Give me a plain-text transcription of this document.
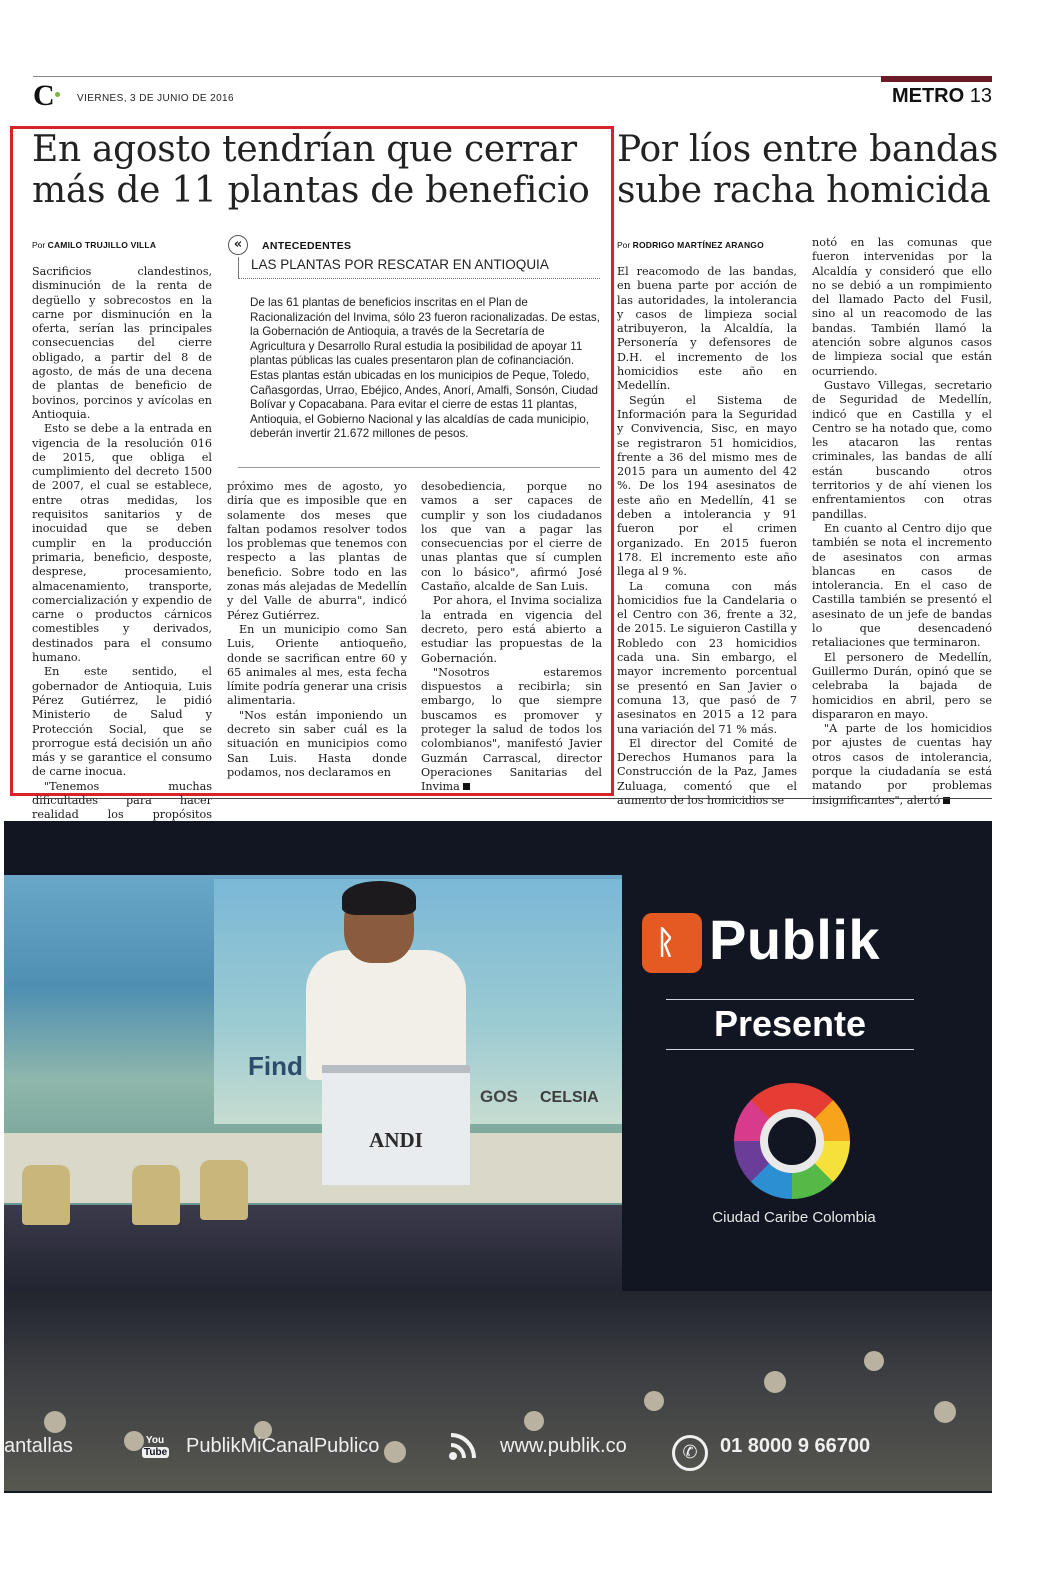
C VIERNES, 3 DE JUNIO DE 2016	METRO 13
En agosto tendrían que cerrar
más de 11 plantas de beneficio
Por CAMILO TRUJILLO VILLA

Sacrificios clandestinos, disminución de la renta de degüello y sobrecostos en la carne por disminución en la oferta, serían las principales consecuencias del cierre obligado, a partir del 8 de agosto, de más de una decena de plantas de beneficio de bovinos, porcinos y avícolas en Antioquia.

Esto se debe a la entrada en vigencia de la resolución 016 de 2015, que obliga el cumplimiento del decreto 1500 de 2007, el cual se establece, entre otras medidas, los requisitos sanitarios y de inocuidad que se deben cumplir en la producción primaria, beneficio, desposte, desprese, procesamiento, almacenamiento, transporte, comercialización y expendio de carne o productos cárnicos comestibles y derivados, destinados para el consumo humano.

En este sentido, el gobernador de Antioquia, Luis Pérez Gutiérrez, le pidió Ministerio de Salud y Protección Social, que se prorrogue está decisión un año más y se garantice el consumo de carne inocua.

"Tenemos muchas dificultades para hacer realidad los propósitos

«	ANTECEDENTES
LAS PLANTAS POR RESCATAR EN ANTIOQUIA
De las 61 plantas de beneficios inscritas en el Plan de Racionalización del Invima, sólo 23 fueron racionalizadas. De estas, la Gobernación de Antioquia, a través de la Secretaría de Agricultura y Desarrollo Rural estudia la posibilidad de apoyar 11 plantas públicas las cuales presentaron plan de cofinanciación. Estas plantas están ubicadas en los municipios de Peque, Toledo, Cañasgordas, Urrao, Ebéjico, Andes, Anorí, Amalfi, Sonsón, Ciudad Bolívar y Copacabana. Para evitar el cierre de estas 11 plantas, Antioquia, el Gobierno Nacional y las alcaldías de cada municipio, deberán invertir 21.672 millones de pesos.

próximo mes de agosto, yo diría que es imposible que en solamente dos meses que faltan podamos resolver todos los problemas que tenemos con respecto a las plantas de beneficio. Sobre todo en las zonas más alejadas de Medellín y del Valle de aburra", indicó Pérez Gutiérrez.

En un municipio como San Luis, Oriente antioqueño, donde se sacrifican entre 60 y 65 animales al mes, esta fecha límite podría generar una crisis alimentaria.

"Nos están imponiendo un decreto sin saber cuál es la situación en municipios como San Luis. Hasta donde podamos, nos declaramos en

desobediencia, porque no vamos a ser capaces de cumplir y son los ciudadanos los que van a pagar las consecuencias por el cierre de unas plantas que sí cumplen con lo básico", afirmó José Castaño, alcalde de San Luis.

Por ahora, el Invima socializa la entrada en vigencia del decreto, pero está abierto a estudiar las propuestas de la Gobernación.

"Nosotros estaremos dispuestos a recibirla; sin embargo, lo que siempre buscamos es promover y proteger la salud de todos los colombianos", manifestó Javier Guzmán Carrascal, director Operaciones Sanitarias del Invima

Por líos entre bandas
sube racha homicida
Por RODRIGO MARTÍNEZ ARANGO

El reacomodo de las bandas, en buena parte por acción de las autoridades, la intolerancia y casos de limpieza social atribuyeron, la Alcaldía, la Personería y defensores de D.H. el incremento de los homicidios este año en Medellín.

Según el Sistema de Información para la Seguridad y Convivencia, Sisc, en mayo se registraron 51 homicidios, frente a 36 del mismo mes de 2015 para un aumento del 42 %. De los 194 asesinatos de este año en Medellín, 41 se deben a intolerancia y 91 fueron por el crimen organizado. En 2015 fueron 178. El incremento este año llega al 9 %.

La comuna con más homicidios fue la Candelaria o el Centro con 36, frente a 32, de 2015. Le siguieron Castilla y Robledo con 23 homicidios cada una. Sin embargo, el mayor incremento porcentual se presentó en San Javier o comuna 13, que pasó de 7 asesinatos en 2015 a 12 para una variación del 71 % más.

El director del Comité de Derechos Humanos para la Construcción de la Paz, James Zuluaga, comentó que el aumento de los homicidios se

notó en las comunas que fueron intervenidas por la Alcaldía y consideró que ello no se debió a un rompimiento del llamado Pacto del Fusil, sino al un reacomodo de las bandas. También llamó la atención sobre algunos casos de limpieza social que están ocurriendo.

Gustavo Villegas, secretario de Seguridad de Medellín, indicó que en Castilla y el Centro se ha notado que, como les atacaron las rentas criminales, las bandas de allí están buscando otros territorios y de ahí vienen los enfrentamientos con otras pandillas.

En cuanto al Centro dijo que también se nota el incremento de asesinatos con armas blancas en casos de intolerancia. En el caso de Castilla también se presentó el asesinato de un jefe de bandas lo que desencadenó retaliaciones que terminaron.

El personero de Medellín, Guillermo Durán, opinó que se celebraba la bajada de homicidios en abril, pero se dispararon en mayo.

"A parte de los homicidios por ajustes de cuentas hay otros casos de intolerancia, porque la ciudadanía se está matando por problemas insignificantes", alertó

Find
GOS CELSIA
ANDI
ᚱ Publik
Presente
Ciudad Caribe Colombia
antallas	You
Tube PublikMiCanalPublico	www.publik.co	✆	01 8000 9 66700
